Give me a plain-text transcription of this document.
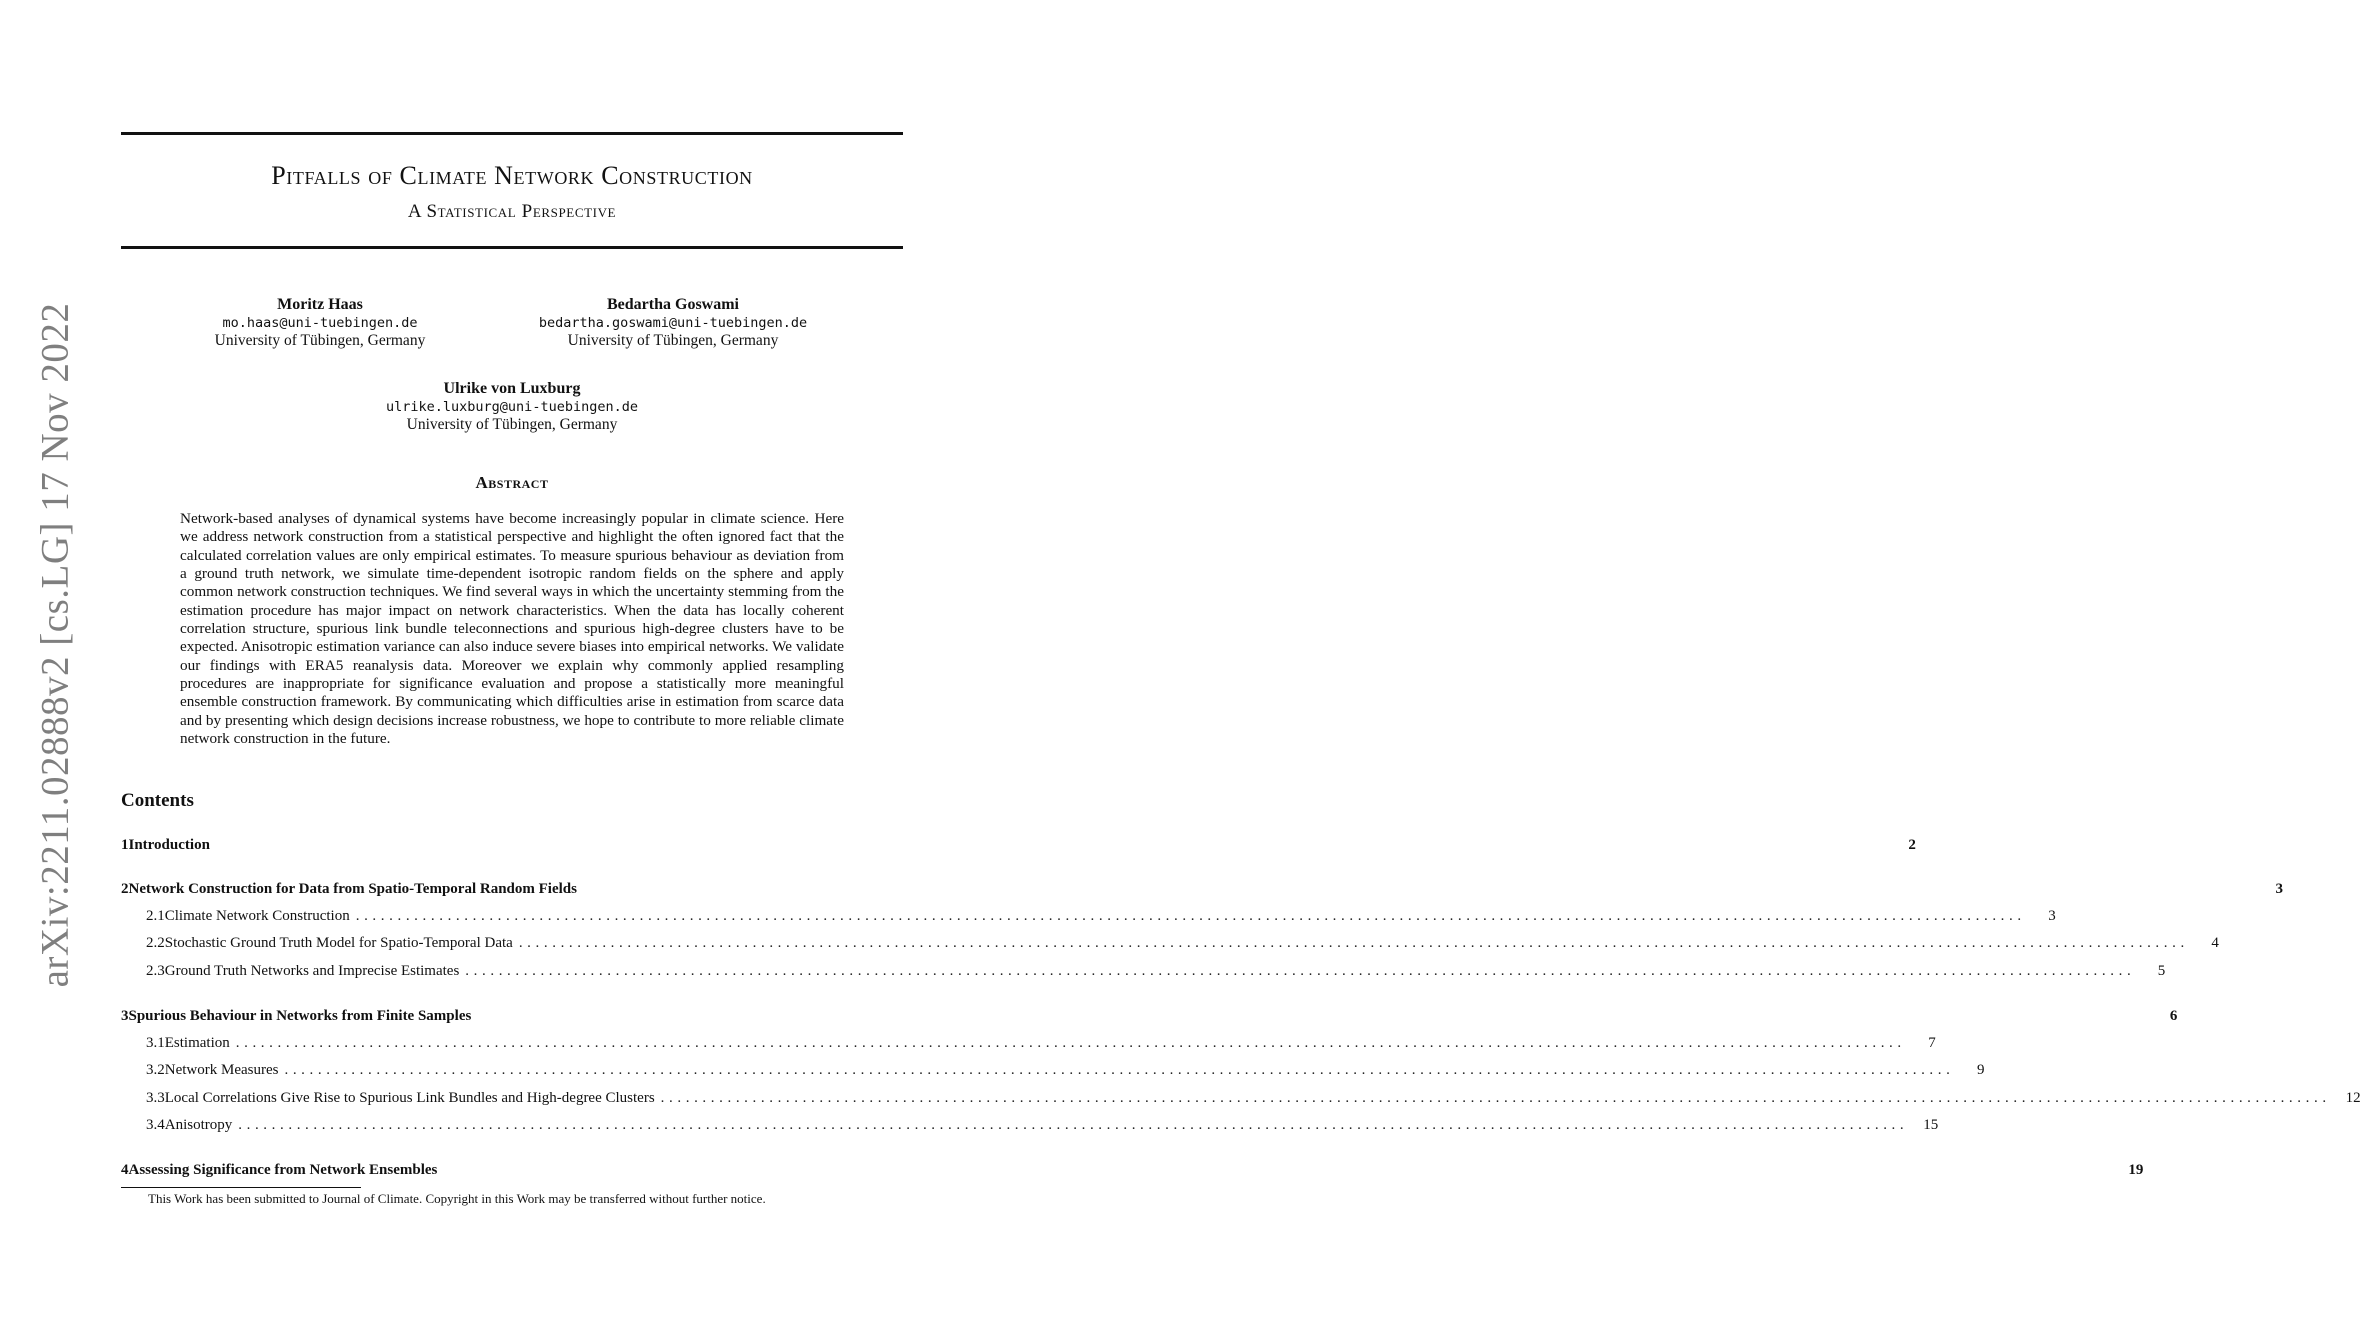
arXiv:2211.02888v2 [cs.LG] 17 Nov 2022
Pitfalls of Climate Network Construction
A Statistical Perspective
Moritz Haas
mo.haas@uni-tuebingen.de
University of Tübingen, Germany
Bedartha Goswami
bedartha.goswami@uni-tuebingen.de
University of Tübingen, Germany
Ulrike von Luxburg
ulrike.luxburg@uni-tuebingen.de
University of Tübingen, Germany
Abstract
Network-based analyses of dynamical systems have become increasingly popular in climate science. Here we address network construction from a statistical perspective and highlight the often ignored fact that the calculated correlation values are only empirical estimates. To measure spurious behaviour as deviation from a ground truth network, we simulate time-dependent isotropic random fields on the sphere and apply common network construction techniques. We find several ways in which the uncertainty stemming from the estimation procedure has major impact on network characteristics. When the data has locally coherent correlation structure, spurious link bundle teleconnections and spurious high-degree clusters have to be expected. Anisotropic estimation variance can also induce severe biases into empirical networks. We validate our findings with ERA5 reanalysis data. Moreover we explain why commonly applied resampling procedures are inappropriate for significance evaluation and propose a statistically more meaningful ensemble construction framework. By communicating which difficulties arise in estimation from scarce data and by presenting which design decisions increase robustness, we hope to contribute to more reliable climate network construction in the future.
Contents
1 Introduction	2
2 Network Construction for Data from Spatio-Temporal Random Fields	3
2.1 Climate Network Construction ........................................................................................................................................................................................................	3
2.2 Stochastic Ground Truth Model for Spatio-Temporal Data ........................................................................................................................................................................................................	4
2.3 Ground Truth Networks and Imprecise Estimates ........................................................................................................................................................................................................	5
3 Spurious Behaviour in Networks from Finite Samples	6
3.1 Estimation ........................................................................................................................................................................................................	7
3.2 Network Measures ........................................................................................................................................................................................................	9
3.3 Local Correlations Give Rise to Spurious Link Bundles and High-degree Clusters ........................................................................................................................................................................................................	12
3.4 Anisotropy ........................................................................................................................................................................................................	15
4 Assessing Significance from Network Ensembles	19
This Work has been submitted to Journal of Climate. Copyright in this Work may be transferred without further notice.
